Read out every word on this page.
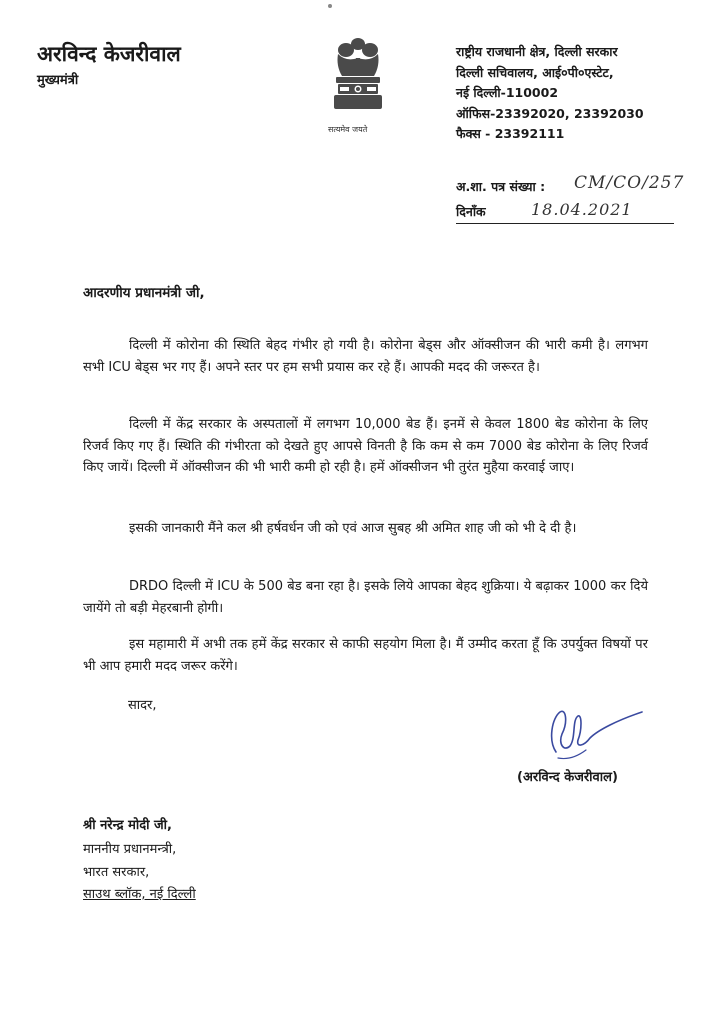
अरविन्द केजरीवाल
मुख्यमंत्री
सत्यमेव जयते
राष्ट्रीय राजधानी क्षेत्र, दिल्ली सरकार
दिल्ली सचिवालय, आई०पी०एस्टेट,
नई दिल्ली-110002
ऑफिस-23392020, 23392030
फैक्स - 23392111
अ.शा. पत्र संख्या : CM/CO/257
दिनाँक	18.04.2021
आदरणीय प्रधानमंत्री जी,
दिल्ली में कोरोना की स्थिति बेहद गंभीर हो गयी है। कोरोना बेड्स और ऑक्सीजन की भारी कमी है। लगभग सभी ICU बेड्स भर गए हैं। अपने स्तर पर हम सभी प्रयास कर रहे हैं। आपकी मदद की जरूरत है।
दिल्ली में केंद्र सरकार के अस्पतालों में लगभग 10,000 बेड हैं। इनमें से केवल 1800 बेड कोरोना के लिए रिजर्व किए गए हैं। स्थिति की गंभीरता को देखते हुए आपसे विनती है कि कम से कम 7000 बेड कोरोना के लिए रिजर्व किए जायें। दिल्ली में ऑक्सीजन की भी भारी कमी हो रही है। हमें ऑक्सीजन भी तुरंत मुहैया करवाई जाए।
इसकी जानकारी मैंने कल श्री हर्षवर्धन जी को एवं आज सुबह श्री अमित शाह जी को भी दे दी है।
DRDO दिल्ली में ICU के 500 बेड बना रहा है। इसके लिये आपका बेहद शुक्रिया। ये बढ़ाकर 1000 कर दिये जायेंगे तो बड़ी मेहरबानी होगी।
इस महामारी में अभी तक हमें केंद्र सरकार से काफी सहयोग मिला है। मैं उम्मीद करता हूँ कि उपर्युक्त विषयों पर भी आप हमारी मदद जरूर करेंगे।
सादर,
(अरविन्द केजरीवाल)
श्री नरेन्द्र मोदी जी,
माननीय प्रधानमन्त्री,
भारत सरकार,
साउथ ब्लॉक, नई दिल्ली
